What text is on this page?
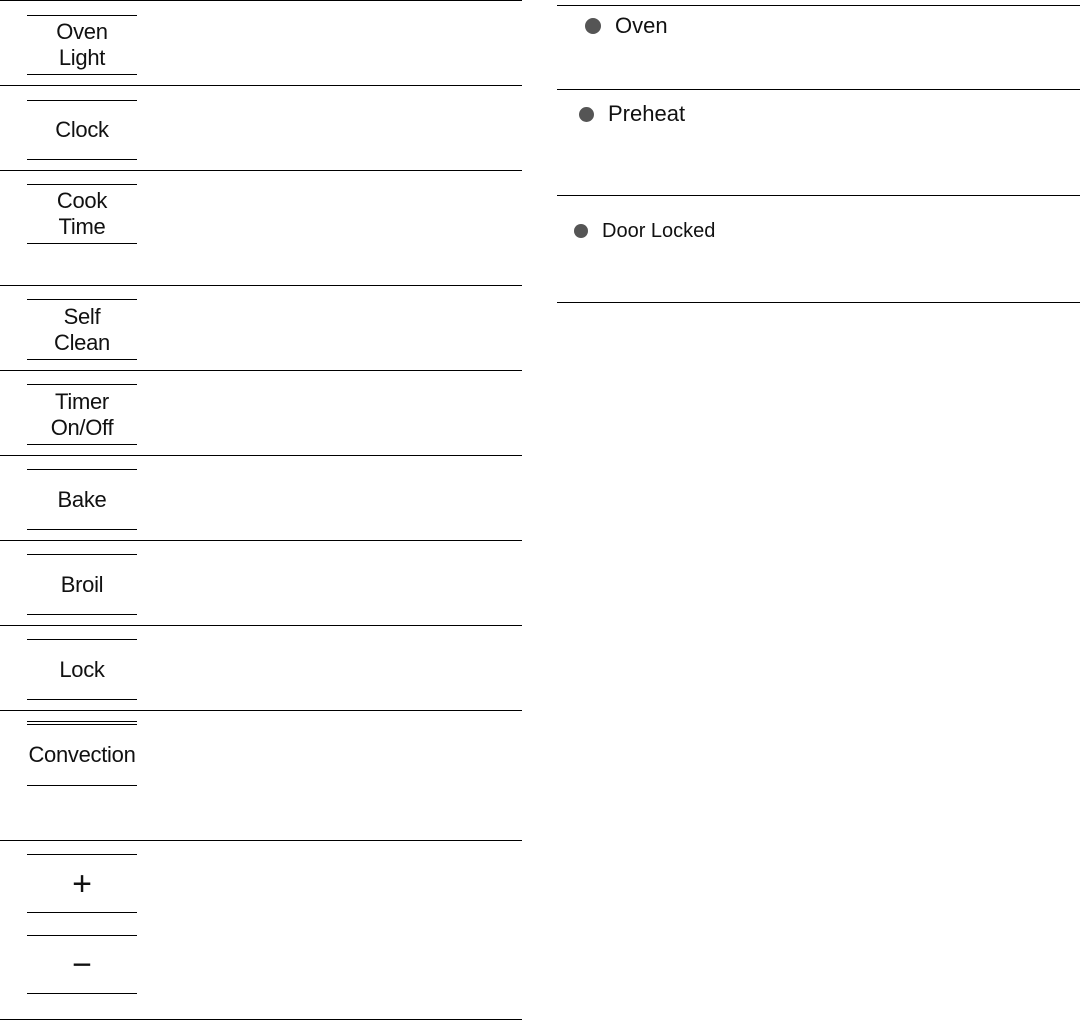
Oven
Light
Clock
Cook
Time
Self
Clean
Timer
On/Off
Bake
Broil
Lock
Convection
+
−
Oven
Preheat
Door Locked
